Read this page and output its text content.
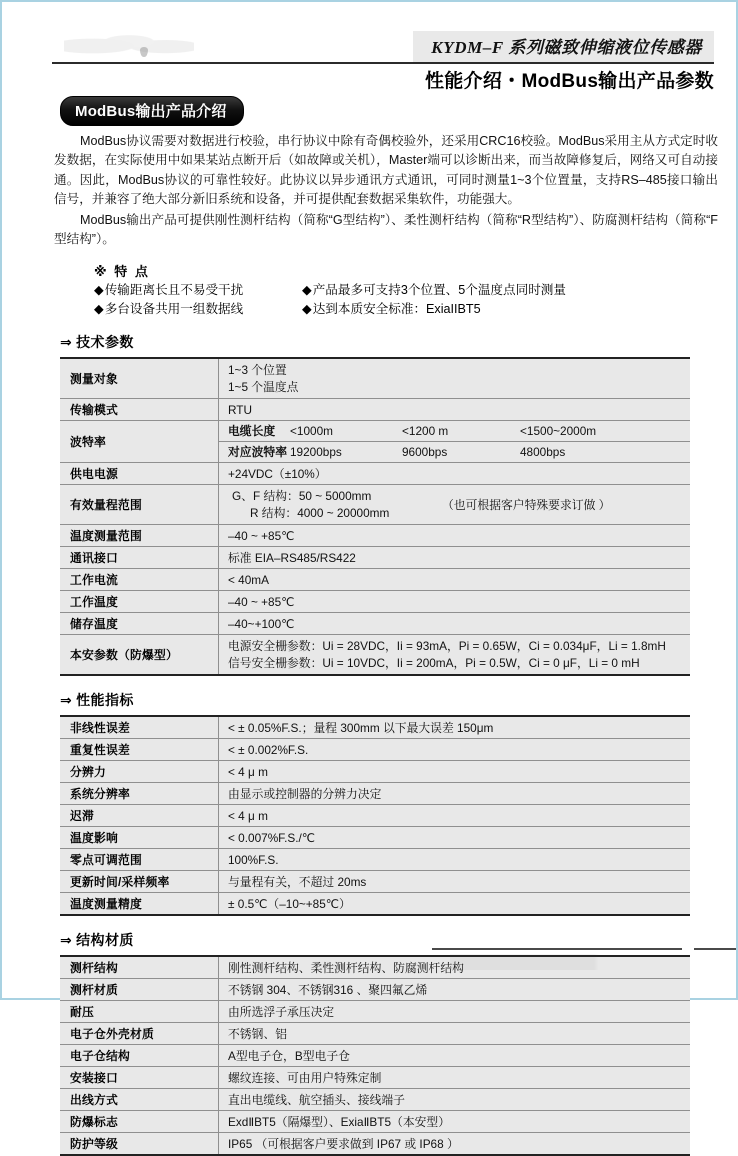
KYDM–F 系列磁致伸缩液位传感器
性能介绍・ModBus输出产品参数
ModBus输出产品介绍
ModBus协议需要对数据进行校验，串行协议中除有奇偶校验外，还采用CRC16校验。ModBus采用主从方式定时收发数据，在实际使用中如果某站点断开后（如故障或关机），Master端可以诊断出来，而当故障修复后，网络又可自动接通。因此，ModBus协议的可靠性较好。此协议以异步通讯方式通讯，可同时测量1~3个位置量，支持RS–485接口输出信号，并兼容了绝大部分新旧系统和设备，并可提供配套数据采集软件，功能强大。
ModBus输出产品可提供刚性测杆结构（简称“G型结构”）、柔性测杆结构（简称“R型结构”）、防腐测杆结构（简称“F型结构”）。
※ 特 点
◆传输距离长且不易受干扰	◆产品最多可支持3个位置、5个温度点同时测量
◆多台设备共用一组数据线	◆达到本质安全标准：ExiaIIBT5
⇒ 技术参数
测量对象	1~3 个位置
1~5 个温度点

传输模式	RTU
波特率	
电缆长度	<1000m	<1200 m	<1500~2000m
对应波特率 19200bps	9600bps	4800bps

供电电源	+24VDC（±10%）
有效量程范围	G、F 结构：50 ~ 5000mm
R 结构：4000 ~ 20000mm
（也可根据客户特殊要求订做 ）

温度测量范围	–40 ~ +85℃
通讯接口	标准 EIA–RS485/RS422
工作电流	< 40mA
工作温度	–40 ~ +85℃
储存温度	–40~+100℃
本安参数（防爆型）	电源安全栅参数：Ui = 28VDC，Ii = 93mA，Pi = 0.65W，Ci = 0.034μF，Li = 1.8mH
信号安全栅参数：Ui = 10VDC，Ii = 200mA，Pi = 0.5W，Ci = 0 μF，Li = 0 mH
⇒ 性能指标
非线性误差	< ± 0.05%F.S.；量程 300mm 以下最大误差 150μm
重复性误差	< ± 0.002%F.S.
分辨力	< 4 μ m
系统分辨率	由显示或控制器的分辨力决定
迟滞	< 4 μ m
温度影响	< 0.007%F.S./℃
零点可调范围	100%F.S.
更新时间/采样频率	与量程有关，不超过 20ms
温度测量精度	± 0.5℃（–10~+85℃）
⇒ 结构材质
测杆结构	刚性测杆结构、柔性测杆结构、防腐测杆结构
测杆材质	不锈钢 304、不锈钢316 、聚四氟乙烯
耐压	由所选浮子承压决定
电子仓外壳材质	不锈钢、铝
电子仓结构	A型电子仓，B型电子仓
安装接口	螺纹连接、可由用户特殊定制
出线方式	直出电缆线、航空插头、接线端子
防爆标志	ExdⅡBT5（隔爆型）、ExiaⅡBT5（本安型）
防护等级	IP65 （可根据客户要求做到 IP67 或 IP68 ）
